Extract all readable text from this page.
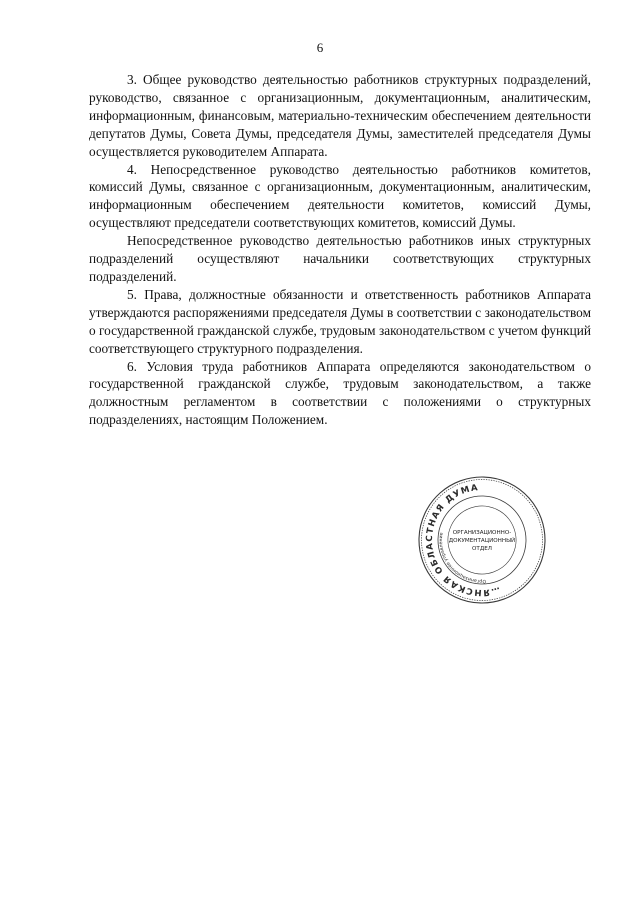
6

3. Общее руководство деятельностью работников структурных подразделений, руководство, связанное с организационным, документационным, аналитическим, информационным, финансовым, материально-техническим обеспечением деятельности депутатов Думы, Совета Думы, председателя Думы, заместителей председателя Думы осуществляется руководителем Аппарата.

4. Непосредственное руководство деятельностью работников комитетов, комиссий Думы, связанное с организационным, документационным, аналитическим, информационным обеспечением деятельности комитетов, комиссий Думы, осуществляют председатели соответствующих комитетов, комиссий Думы.

Непосредственное руководство деятельностью работников иных структурных подразделений осуществляют начальники соответствующих структурных подразделений.

5. Права, должностные обязанности и ответственность работников Аппарата утверждаются распоряжениями председателя Думы в соответствии с законодательством о государственной гражданской службе, трудовым законодательством с учетом функций соответствующего структурного подразделения.

6. Условия труда работников Аппарата определяются законодательством о государственной гражданской службе, трудовым законодательством, а также должностным регламентом в соответствии с положениями о структурных подразделениях, настоящим Положением.

…ЯНСКАЯ ОБЛАСТНАЯ ДУМА
Организационное управление	ОРГАНИЗАЦИОННО-
ДОКУМЕНТАЦИОННЫЙ
ОТДЕЛ
